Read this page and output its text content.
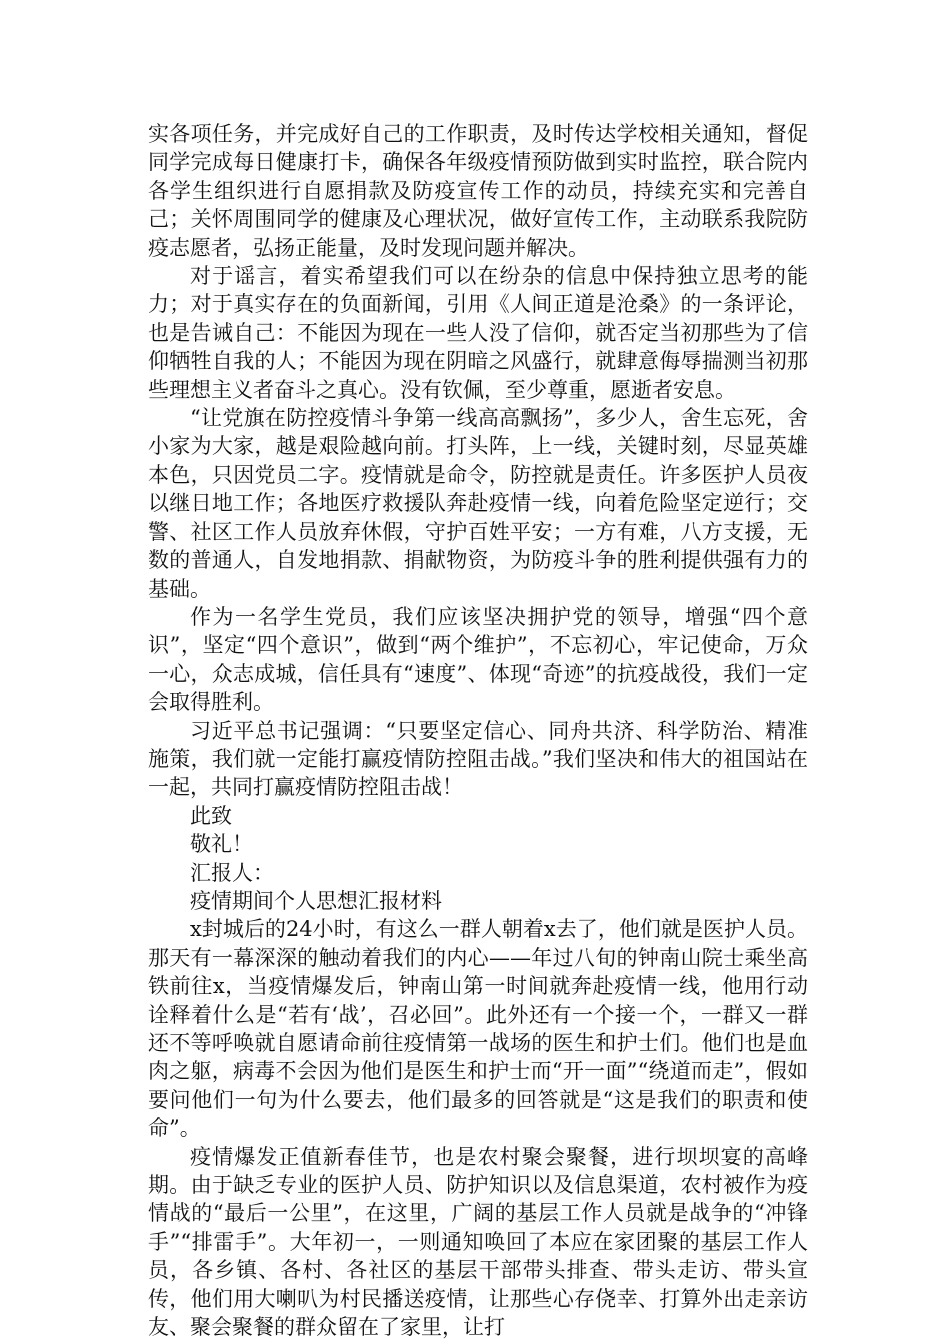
实各项任务，并完成好自己的工作职责，及时传达学校相关通知，督促同学完成每日健康打卡，确保各年级疫情预防做到实时监控，联合院内各学生组织进行自愿捐款及防疫宣传工作的动员，持续充实和完善自己；关怀周围同学的健康及心理状况，做好宣传工作，主动联系我院防疫志愿者，弘扬正能量，及时发现问题并解决。

对于谣言，着实希望我们可以在纷杂的信息中保持独立思考的能力；对于真实存在的负面新闻，引用《人间正道是沧桑》的一条评论，也是告诫自己：不能因为现在一些人没了信仰，就否定当初那些为了信仰牺牲自我的人；不能因为现在阴暗之风盛行，就肆意侮辱揣测当初那些理想主义者奋斗之真心。没有钦佩，至少尊重，愿逝者安息。

“让党旗在防控疫情斗争第一线高高飘扬”，多少人，舍生忘死，舍小家为大家，越是艰险越向前。打头阵，上一线，关键时刻，尽显英雄本色，只因党员二字。疫情就是命令，防控就是责任。许多医护人员夜以继日地工作；各地医疗救援队奔赴疫情一线，向着危险坚定逆行；交警、社区工作人员放弃休假，守护百姓平安；一方有难，八方支援，无数的普通人，自发地捐款、捐献物资，为防疫斗争的胜利提供强有力的基础。

作为一名学生党员，我们应该坚决拥护党的领导，增强“四个意识”，坚定“四个意识”，做到“两个维护”，不忘初心，牢记使命，万众一心，众志成城，信任具有“速度”、体现“奇迹”的抗疫战役，我们一定会取得胜利。

习近平总书记强调：“只要坚定信心、同舟共济、科学防治、精准施策，我们就一定能打赢疫情防控阻击战。”我们坚决和伟大的祖国站在一起，共同打赢疫情防控阻击战！

此致

敬礼！

汇报人：

疫情期间个人思想汇报材料

x封城后的24小时，有这么一群人朝着x去了，他们就是医护人员。那天有一幕深深的触动着我们的内心——年过八旬的钟南山院士乘坐高铁前往x，当疫情爆发后，钟南山第一时间就奔赴疫情一线，他用行动诠释着什么是“若有‘战’，召必回”。此外还有一个接一个，一群又一群还不等呼唤就自愿请命前往疫情第一战场的医生和护士们。他们也是血肉之躯，病毒不会因为他们是医生和护士而“开一面”“绕道而走”，假如要问他们一句为什么要去，他们最多的回答就是“这是我们的职责和使命”。

疫情爆发正值新春佳节，也是农村聚会聚餐，进行坝坝宴的高峰期。由于缺乏专业的医护人员、防护知识以及信息渠道，农村被作为疫情战的“最后一公里”，在这里，广阔的基层工作人员就是战争的“冲锋手”“排雷手”。大年初一，一则通知唤回了本应在家团聚的基层工作人员，各乡镇、各村、各社区的基层干部带头排查、带头走访、带头宣传，他们用大喇叭为村民播送疫情，让那些心存侥幸、打算外出走亲访友、聚会聚餐的群众留在了家里，让打
